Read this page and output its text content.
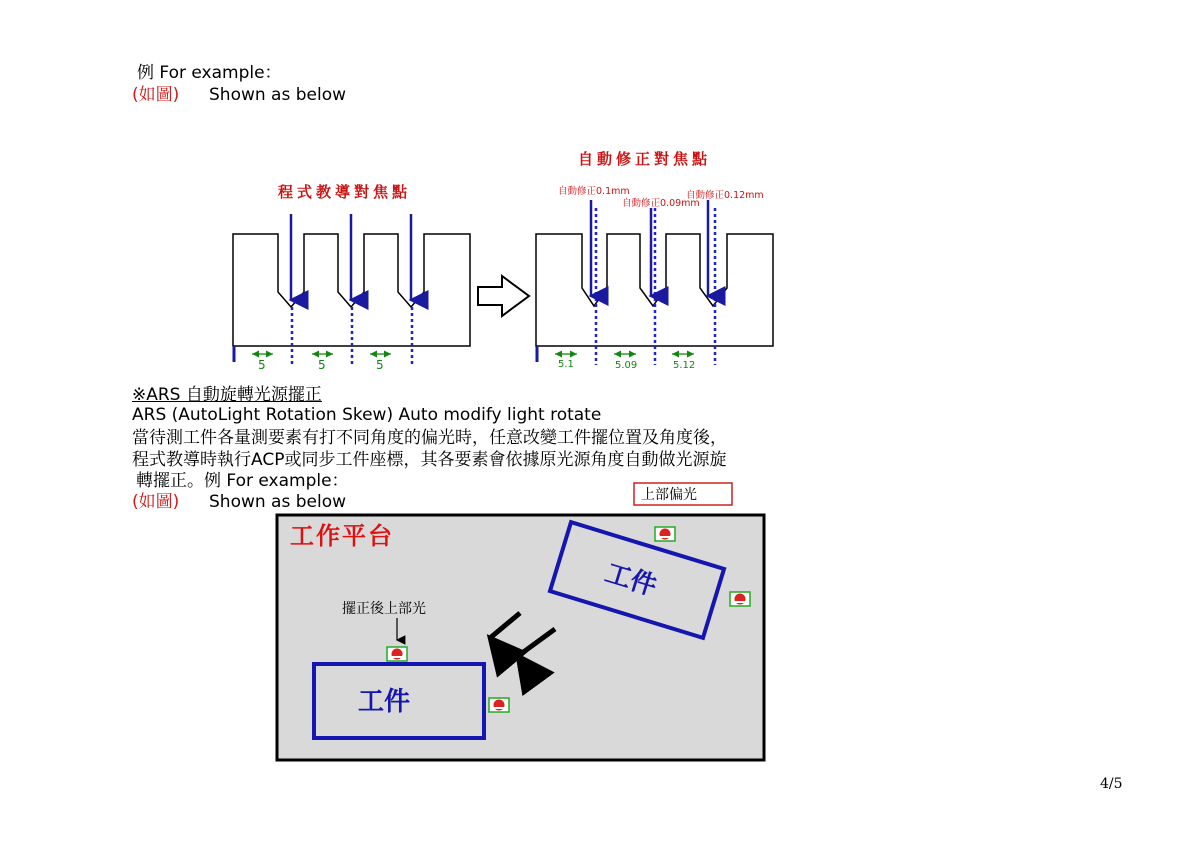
例 For example：
(如圖) Shown as below
程式教導對焦點
自動修正對焦點
5	5	5
自動修正0.1mm
自動修正0.09mm
自動修正0.12mm
5.1	5.09	5.12
※ARS 自動旋轉光源擺正
ARS (AutoLight Rotation Skew) Auto modify light rotate
當待測工件各量測要素有打不同角度的偏光時，任意改變工件擺位置及角度後，
程式教導時執行ACP或同步工件座標，其各要素會依據原光源角度自動做光源旋
轉擺正。例 For example：
(如圖) Shown as below	上部偏光
工作平台
工件
擺正後上部光
工件
4/5
